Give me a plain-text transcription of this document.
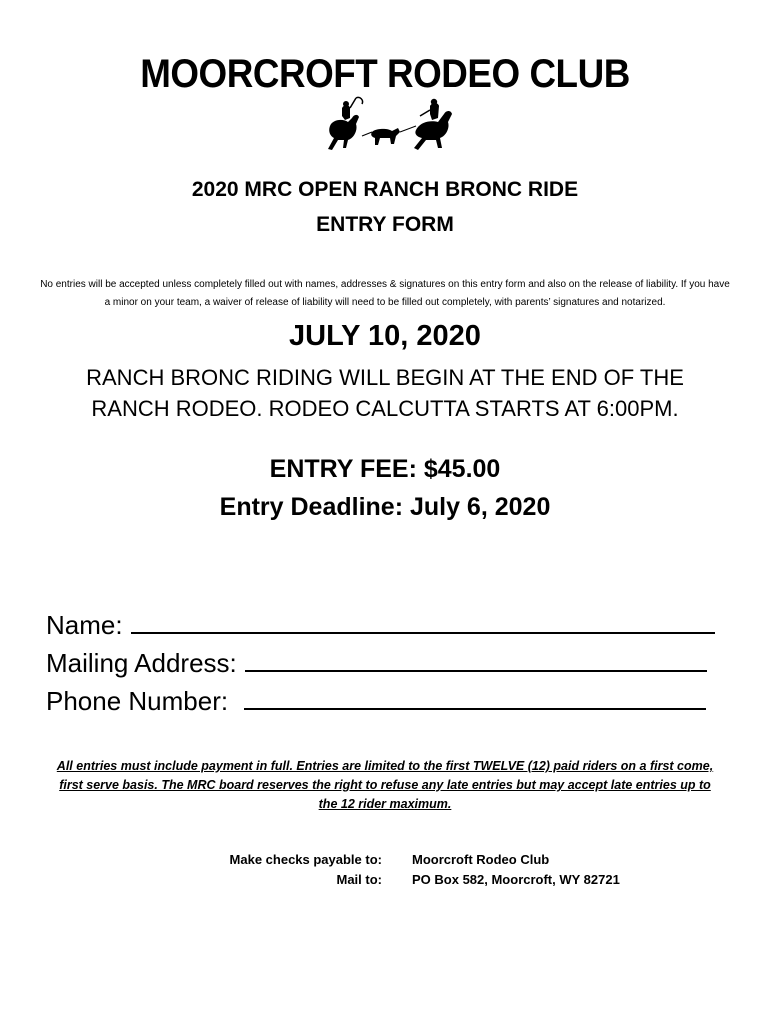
MOORCROFT RODEO CLUB
2020 MRC OPEN RANCH BRONC RIDE
ENTRY FORM
No entries will be accepted unless completely filled out with names, addresses & signatures on this entry form and also on the release of liability. If you have a minor on your team, a waiver of release of liability will need to be filled out completely, with parents’ signatures and notarized.
JULY 10, 2020
RANCH BRONC RIDING WILL BEGIN AT THE END OF THE RANCH RODEO. RODEO CALCUTTA STARTS AT 6:00PM.
ENTRY FEE: $45.00
Entry Deadline: July 6, 2020
Name:
Mailing Address:
Phone Number:
All entries must include payment in full. Entries are limited to the first TWELVE (12) paid riders on a first come, first serve basis. The MRC board reserves the right to refuse any late entries but may accept late entries up to the 12 rider maximum.
Make checks payable to: Moorcroft Rodeo Club
Mail to: PO Box 582, Moorcroft, WY 82721
